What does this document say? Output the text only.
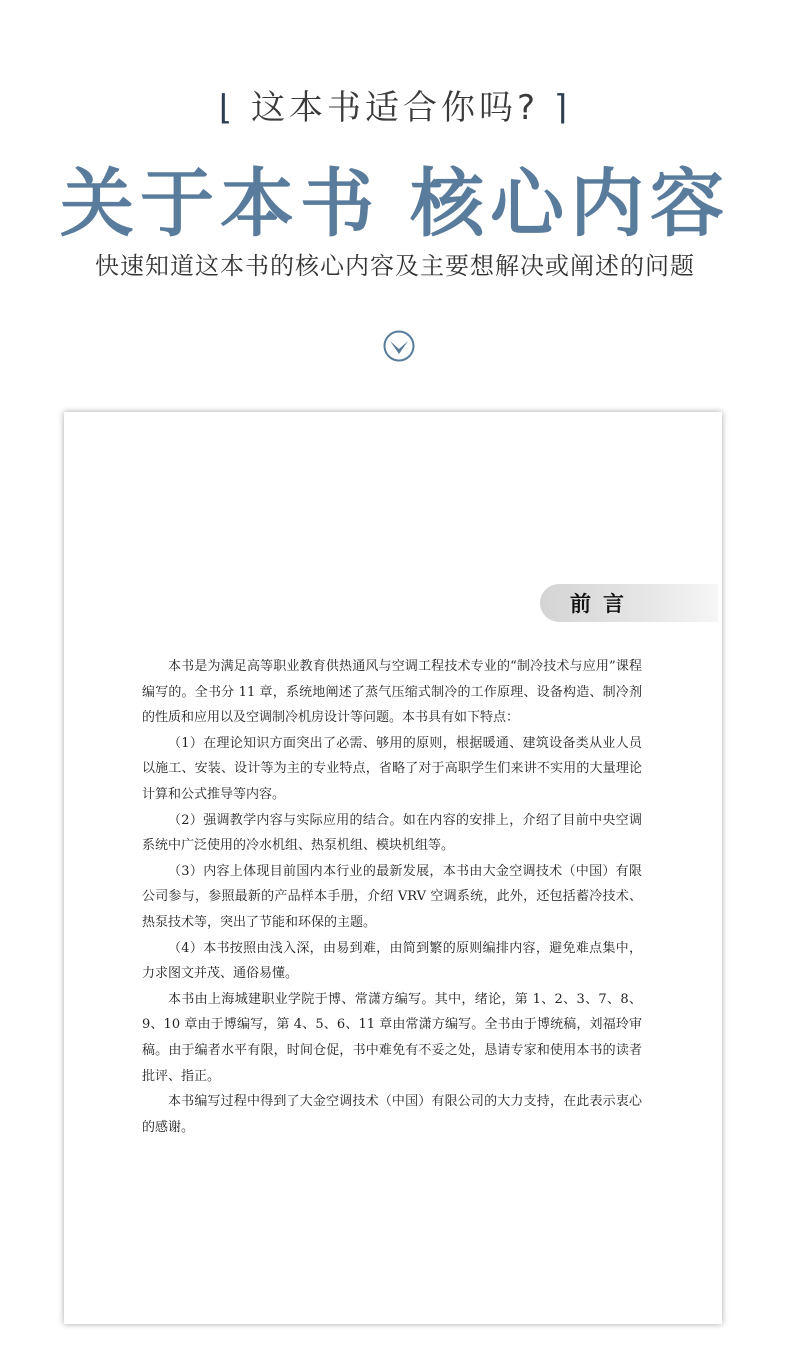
⌊ 这本书适合你吗? ⌉
关于本书 核心内容
快速知道这本书的核心内容及主要想解决或阐述的问题
前言

本书是为满足高等职业教育供热通风与空调工程技术专业的“制冷技术与应用”课程编写的。全书分 11 章，系统地阐述了蒸气压缩式制冷的工作原理、设备构造、制冷剂的性质和应用以及空调制冷机房设计等问题。本书具有如下特点：

（1）在理论知识方面突出了必需、够用的原则，根据暖通、建筑设备类从业人员以施工、安装、设计等为主的专业特点，省略了对于高职学生们来讲不实用的大量理论计算和公式推导等内容。

（2）强调教学内容与实际应用的结合。如在内容的安排上，介绍了目前中央空调系统中广泛使用的冷水机组、热泵机组、模块机组等。

（3）内容上体现目前国内本行业的最新发展，本书由大金空调技术（中国）有限公司参与，参照最新的产品样本手册，介绍 VRV 空调系统，此外，还包括蓄冷技术、热泵技术等，突出了节能和环保的主题。

（4）本书按照由浅入深，由易到难，由简到繁的原则编排内容，避免难点集中，力求图文并茂、通俗易懂。

本书由上海城建职业学院于博、常潇方编写。其中，绪论，第 1、2、3、7、8、9、10 章由于博编写，第 4、5、6、11 章由常潇方编写。全书由于博统稿，刘福玲审稿。由于编者水平有限，时间仓促，书中难免有不妥之处，恳请专家和使用本书的读者批评、指正。

本书编写过程中得到了大金空调技术（中国）有限公司的大力支持，在此表示衷心的感谢。
